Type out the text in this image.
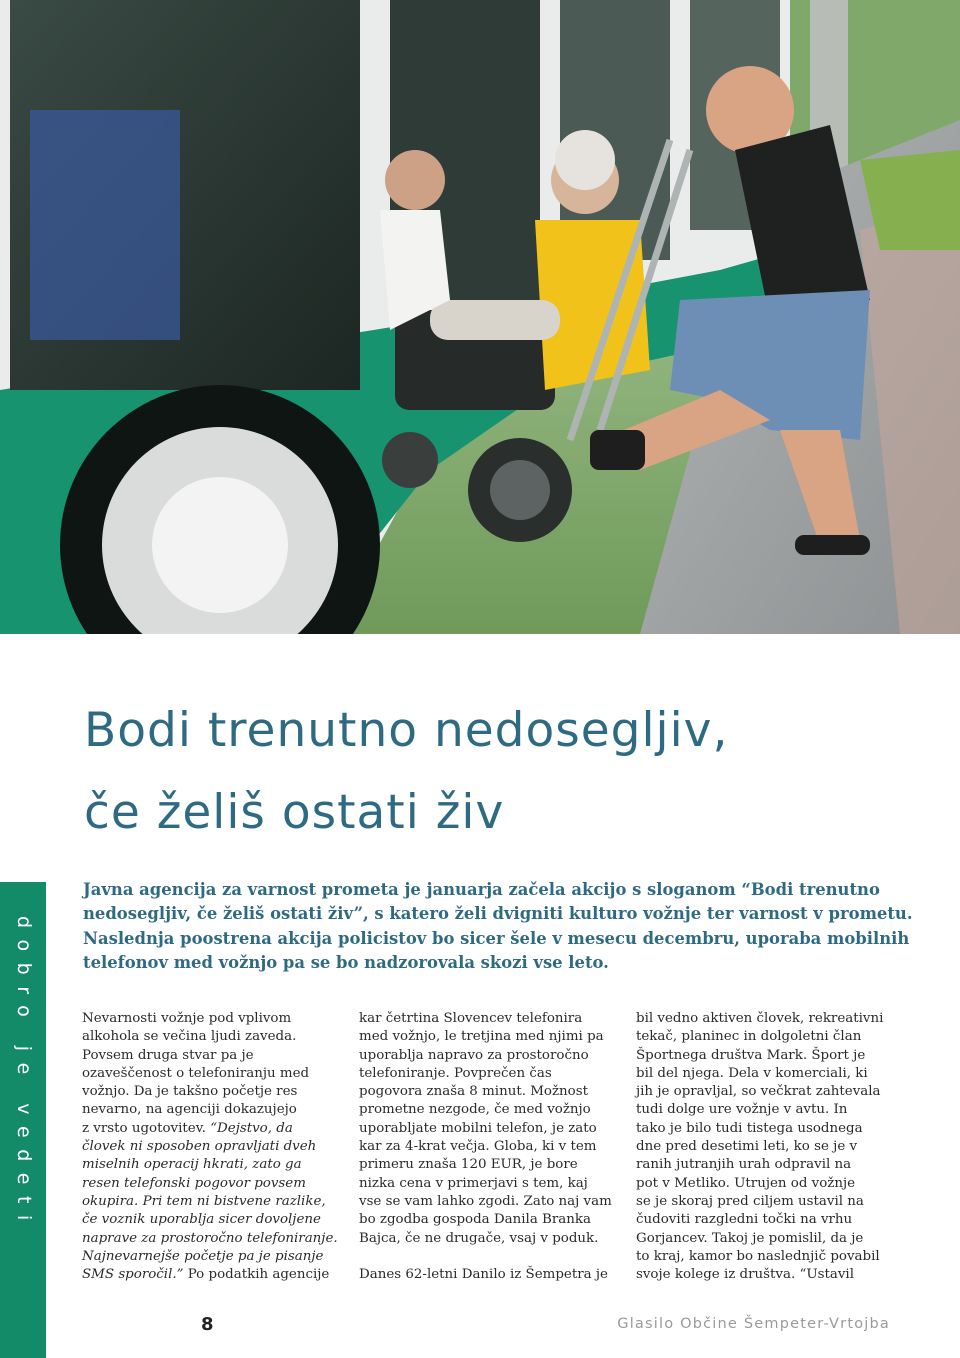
Bodi trenutno nedosegljiv,
če želiš ostati živ
dobro je vedeti

Javna agencija za varnost prometa je januarja začela akcijo s sloganom “Bodi trenutno nedosegljiv, če želiš ostati živ”, s katero želi dvigniti kulturo vožnje ter varnost v prometu. Naslednja poostrena akcija policistov bo sicer šele v mesecu decembru, uporaba mobilnih telefonov med vožnjo pa se bo nadzorovala skozi vse leto.

Nevarnosti vožnje pod vplivom
alkohola se večina ljudi zaveda.
Povsem druga stvar pa je
ozaveščenost o telefoniranju med
vožnjo. Da je takšno početje res
nevarno, na agenciji dokazujejo
z vrsto ugotovitev. “Dejstvo, da
človek ni sposoben opravljati dveh
miselnih operacij hkrati, zato ga
resen telefonski pogovor povsem
okupira. Pri tem ni bistvene razlike,
če voznik uporablja sicer dovoljene
naprave za prostoročno telefoniranje.
Najnevarnejše početje pa je pisanje
SMS sporočil.” Po podatkih agencije
kar četrtina Slovencev telefonira
med vožnjo, le tretjina med njimi pa
uporablja napravo za prostoročno
telefoniranje. Povprečen čas
pogovora znaša 8 minut. Možnost
prometne nezgode, če med vožnjo
uporabljate mobilni telefon, je zato
kar za 4-krat večja. Globa, ki v tem
primeru znaša 120 EUR, je bore
nizka cena v primerjavi s tem, kaj
vse se vam lahko zgodi. Zato naj vam
bo zgodba gospoda Danila Branka
Bajca, če ne drugače, vsaj v poduk.
Danes 62-letni Danilo iz Šempetra je
bil vedno aktiven človek, rekreativni
tekač, planinec in dolgoletni član
Športnega društva Mark. Šport je
bil del njega. Dela v komerciali, ki
jih je opravljal, so večkrat zahtevala
tudi dolge ure vožnje v avtu. In
tako je bilo tudi tistega usodnega
dne pred desetimi leti, ko se je v
ranih jutranjih urah odpravil na
pot v Metliko. Utrujen od vožnje
se je skoraj pred ciljem ustavil na
čudoviti razgledni točki na vrhu
Gorjancev. Takoj je pomislil, da je
to kraj, kamor bo naslednjič povabil
svoje kolege iz društva. “Ustavil

8	Glasilo Občine Šempeter-Vrtojba
